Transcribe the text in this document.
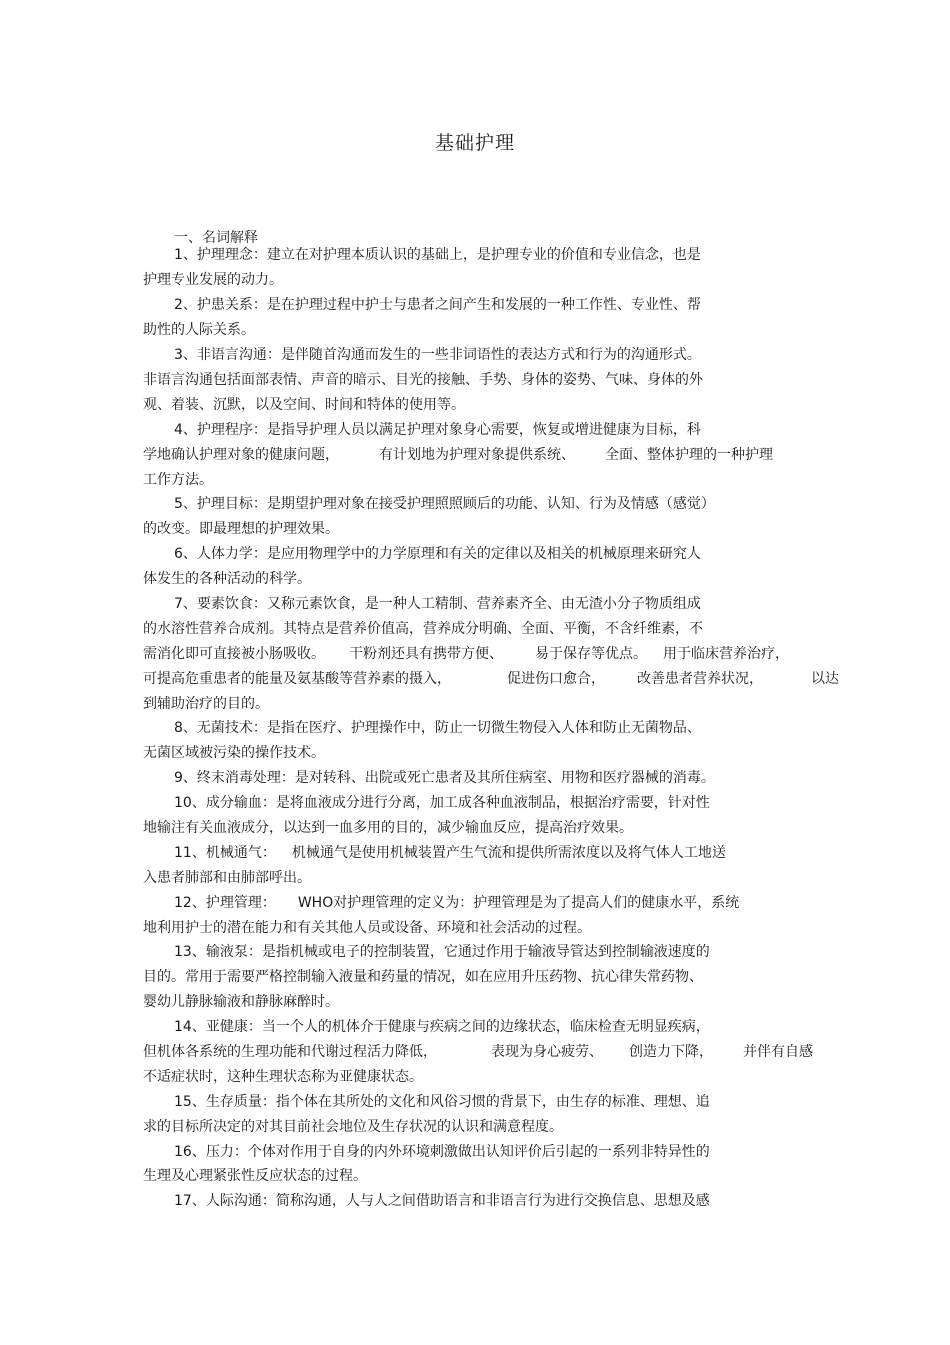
基础护理
一、名词解释
1、护理理念：建立在对护理本质认识的基础上，是护理专业的价值和专业信念，也是
护理专业发展的动力。
2、护患关系：是在护理过程中护士与患者之间产生和发展的一种工作性、专业性、帮
助性的人际关系。
3、非语言沟通：是伴随首沟通而发生的一些非词语性的表达方式和行为的沟通形式。
非语言沟通包括面部表情、声音的暗示、目光的接触、手势、身体的姿势、气味、身体的外
观、着装、沉默，以及空间、时间和特体的使用等。
4、护理程序：是指导护理人员以满足护理对象身心需要，恢复或增进健康为目标，科
学地确认护理对象的健康问题，	有计划地为护理对象提供系统、 全面、整体护理的一种护理
工作方法。
5、护理目标：是期望护理对象在接受护理照照顾后的功能、认知、行为及情感（感觉）
的改变。即最理想的护理效果。
6、人体力学：是应用物理学中的力学原理和有关的定律以及相关的机械原理来研究人
体发生的各种活动的科学。
7、要素饮食：又称元素饮食，是一种人工精制、营养素齐全、由无渣小分子物质组成
的水溶性营养合成剂。其特点是营养价值高，营养成分明确、全面、平衡，不含纤维素，不
需消化即可直接被小肠吸收。 干粉剂还具有携带方便、 易于保存等优点。 用于临床营养治疗，
可提高危重患者的能量及氨基酸等营养素的摄入，	促进伤口愈合， 改善患者营养状况，	以达
到辅助治疗的目的。
8、无菌技术：是指在医疗、护理操作中，防止一切微生物侵入人体和防止无菌物品、
无菌区域被污染的操作技术。
9、终末消毒处理：是对转科、出院或死亡患者及其所住病室、用物和医疗器械的消毒。
10、成分输血：是将血液成分进行分离，加工成各种血液制品，根据治疗需要，针对性
地输注有关血液成分，以达到一血多用的目的，减少输血反应，提高治疗效果。
11、机械通气： 机械通气是使用机械装置产生气流和提供所需浓度以及将气体人工地送
入患者肺部和由肺部呼出。
12、护理管理： WHO对护理管理的定义为：护理管理是为了提高人们的健康水平，系统
地利用护士的潜在能力和有关其他人员或设备、环境和社会活动的过程。
13、输液泵：是指机械或电子的控制装置，它通过作用于输液导管达到控制输液速度的
目的。常用于需要严格控制输入液量和药量的情况，如在应用升压药物、抗心律失常药物、
婴幼儿静脉输液和静脉麻醉时。
14、亚健康：当一个人的机体介于健康与疾病之间的边缘状态，临床检查无明显疾病，
但机体各系统的生理功能和代谢过程活力降低，	表现为身心疲劳、 创造力下降， 并伴有自感
不适症状时，这种生理状态称为亚健康状态。
15、生存质量：指个体在其所处的文化和风俗习惯的背景下，由生存的标准、理想、追
求的目标所决定的对其目前社会地位及生存状况的认识和满意程度。
16、压力：个体对作用于自身的内外环境刺激做出认知评价后引起的一系列非特异性的
生理及心理紧张性反应状态的过程。
17、人际沟通：简称沟通，人与人之间借助语言和非语言行为进行交换信息、思想及感
